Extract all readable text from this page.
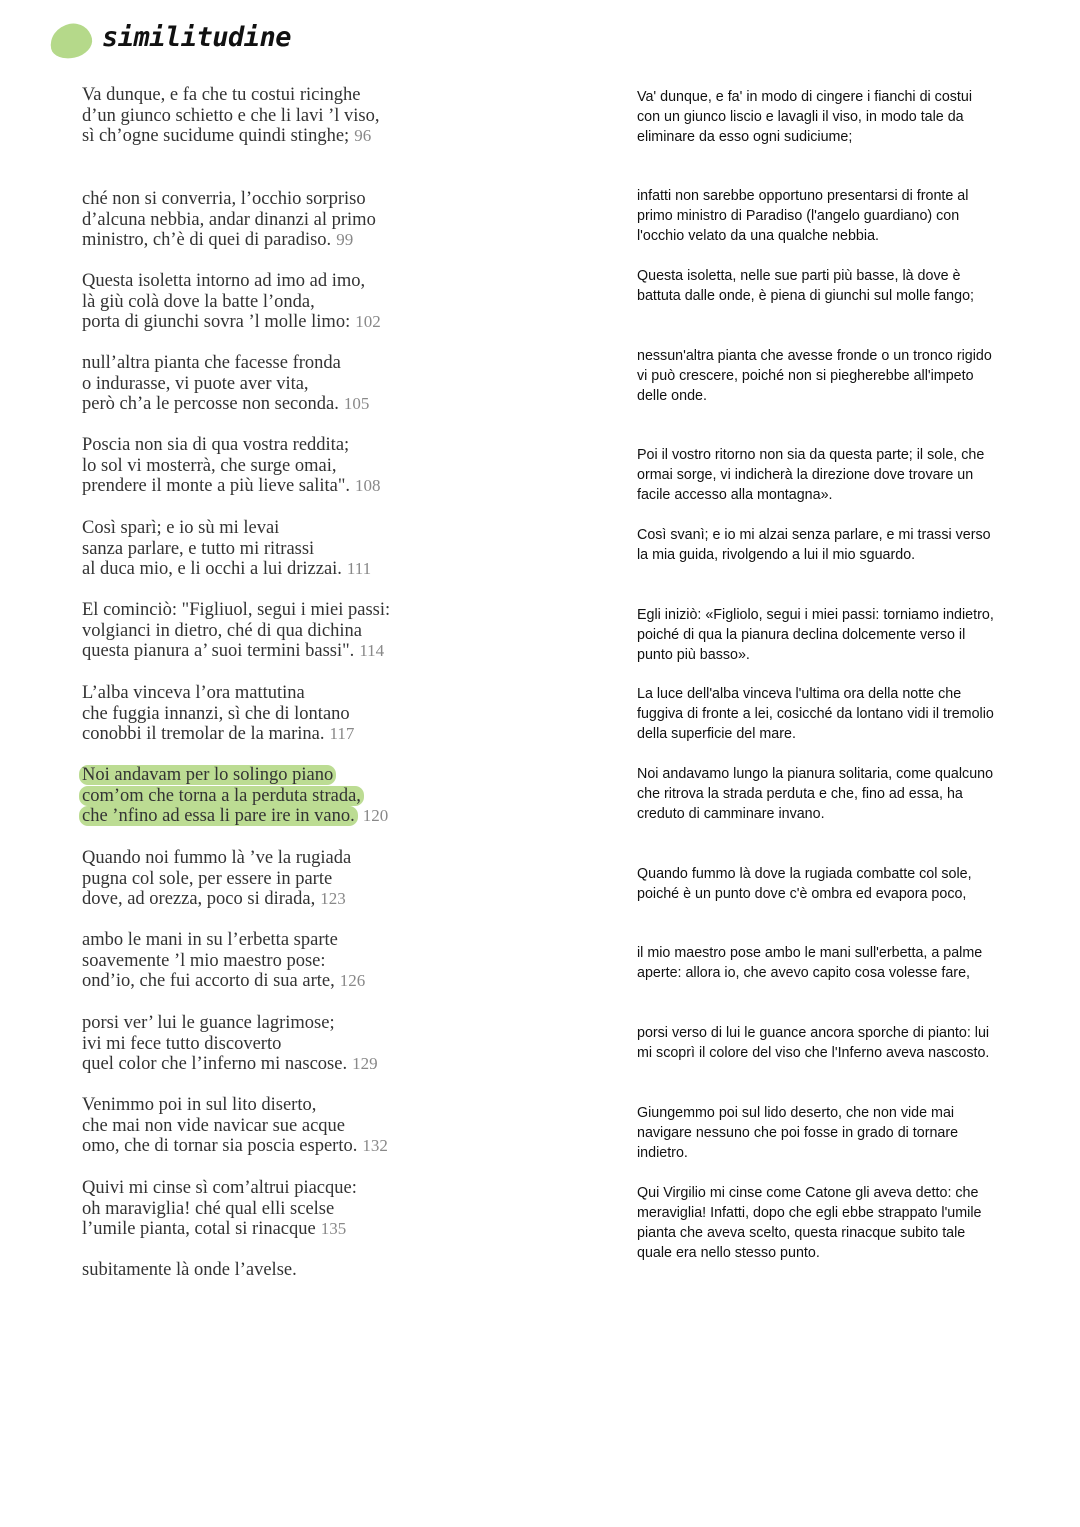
similitudine
Va dunque, e fa che tu costui ricinghe
d’un giunco schietto e che li lavi ’l viso,
sì ch’ogne sucidume quindi stinghe; 96
ché non si converria, l’occhio sorpriso
d’alcuna nebbia, andar dinanzi al primo
ministro, ch’è di quei di paradiso. 99
Questa isoletta intorno ad imo ad imo,
là giù colà dove la batte l’onda,
porta di giunchi sovra ’l molle limo: 102
null’altra pianta che facesse fronda
o indurasse, vi puote aver vita,
però ch’a le percosse non seconda. 105
Poscia non sia di qua vostra reddita;
lo sol vi mosterrà, che surge omai,
prendere il monte a più lieve salita". 108
Così sparì; e io sù mi levai
sanza parlare, e tutto mi ritrassi
al duca mio, e li occhi a lui drizzai. 111
El cominciò: "Figliuol, segui i miei passi:
volgianci in dietro, ché di qua dichina
questa pianura a’ suoi termini bassi". 114
L’alba vinceva l’ora mattutina
che fuggia innanzi, sì che di lontano
conobbi il tremolar de la marina. 117
Noi andavam per lo solingo piano
com’om che torna a la perduta strada,
che ’nfino ad essa li pare ire in vano. 120
Quando noi fummo là ’ve la rugiada
pugna col sole, per essere in parte
dove, ad orezza, poco si dirada, 123
ambo le mani in su l’erbetta sparte
soavemente ’l mio maestro pose:
ond’io, che fui accorto di sua arte, 126
porsi ver’ lui le guance lagrimose;
ivi mi fece tutto discoverto
quel color che l’inferno mi nascose. 129
Venimmo poi in sul lito diserto,
che mai non vide navicar sue acque
omo, che di tornar sia poscia esperto. 132
Quivi mi cinse sì com’altrui piacque:
oh maraviglia! ché qual elli scelse
l’umile pianta, cotal si rinacque 135
subitamente là onde l’avelse.
Va' dunque, e fa' in modo di cingere i fianchi di costui con un giunco liscio e lavagli il viso, in modo tale da eliminare da esso ogni sudiciume;
infatti non sarebbe opportuno presentarsi di fronte al primo ministro di Paradiso (l'angelo guardiano) con l'occhio velato da una qualche nebbia.
Questa isoletta, nelle sue parti più basse, là dove è battuta dalle onde, è piena di giunchi sul molle fango;
nessun'altra pianta che avesse fronde o un tronco rigido vi può crescere, poiché non si piegherebbe all'impeto delle onde.
Poi il vostro ritorno non sia da questa parte; il sole, che ormai sorge, vi indicherà la direzione dove trovare un facile accesso alla montagna».
Così svanì; e io mi alzai senza parlare, e mi trassi verso la mia guida, rivolgendo a lui il mio sguardo.
Egli iniziò: «Figliolo, segui i miei passi: torniamo indietro, poiché di qua la pianura declina dolcemente verso il punto più basso».
La luce dell'alba vinceva l'ultima ora della notte che fuggiva di fronte a lei, cosicché da lontano vidi il tremolio della superficie del mare.
Noi andavamo lungo la pianura solitaria, come qualcuno che ritrova la strada perduta e che, fino ad essa, ha creduto di camminare invano.
Quando fummo là dove la rugiada combatte col sole, poiché è un punto dove c'è ombra ed evapora poco,
il mio maestro pose ambo le mani sull'erbetta, a palme aperte: allora io, che avevo capito cosa volesse fare,
porsi verso di lui le guance ancora sporche di pianto: lui mi scoprì il colore del viso che l'Inferno aveva nascosto.
Giungemmo poi sul lido deserto, che non vide mai navigare nessuno che poi fosse in grado di tornare indietro.
Qui Virgilio mi cinse come Catone gli aveva detto: che meraviglia! Infatti, dopo che egli ebbe strappato l'umile pianta che aveva scelto, questa rinacque subito tale quale era nello stesso punto.
